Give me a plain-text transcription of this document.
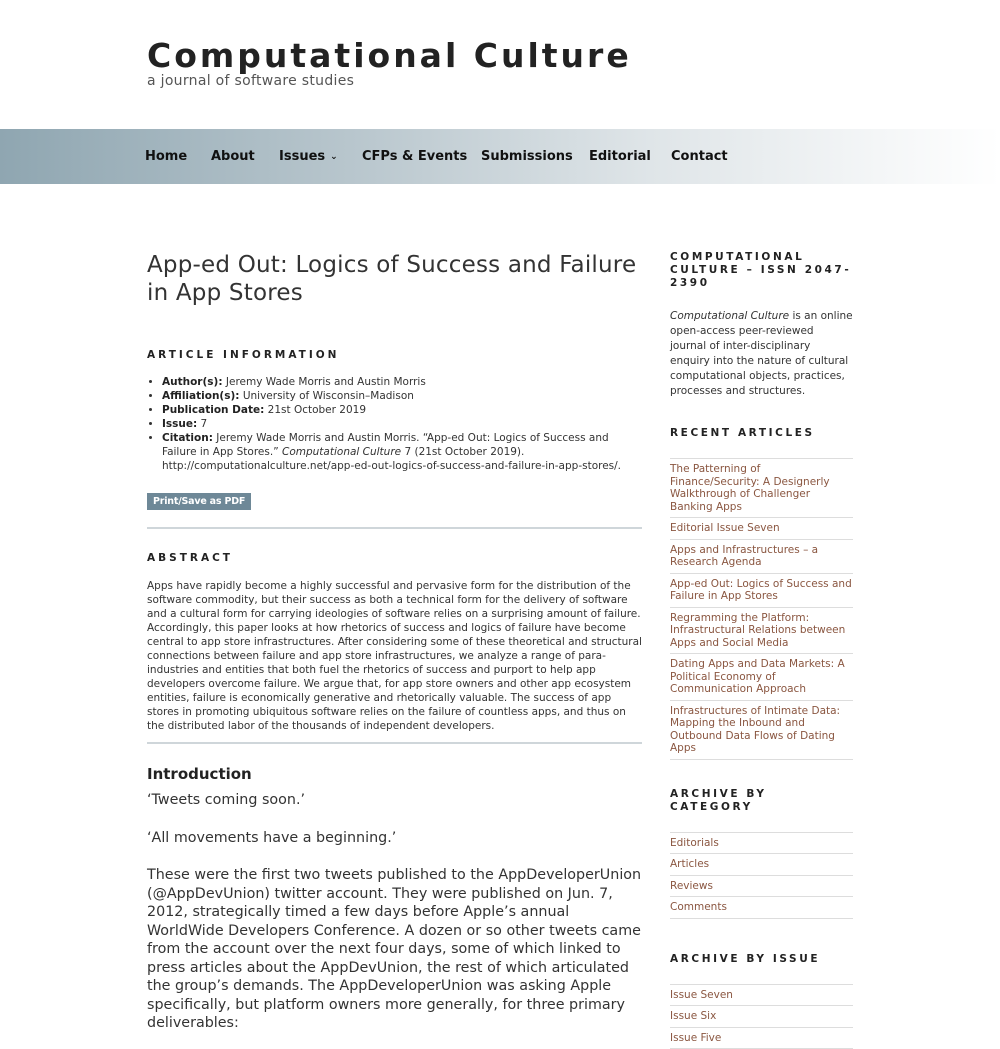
Computational Culture

a journal of software studies

Home About Issues ⌄ CFPs & Events Submissions Editorial Contact
App-ed Out: Logics of Success and Failure in App Stores
ARTICLE INFORMATION
• Author(s): Jeremy Wade Morris and Austin Morris
• Affiliation(s): University of Wisconsin–Madison
• Publication Date: 21st October 2019
• Issue: 7
• Citation: Jeremy Wade Morris and Austin Morris. “App-ed Out: Logics of Success and Failure in App Stores.” Computational Culture 7 (21st October 2019). http://computationalculture.net/app-ed-out-logics-of-success-and-failure-in-app-stores/.
Print/Save as PDF
ABSTRACT

Apps have rapidly become a highly successful and pervasive form for the distribution of the software commodity, but their success as both a technical form for the delivery of software and a cultural form for carrying ideologies of software relies on a surprising amount of failure. Accordingly, this paper looks at how rhetorics of success and logics of failure have become central to app store infrastructures. After considering some of these theoretical and structural connections between failure and app store infrastructures, we analyze a range of para-industries and entities that both fuel the rhetorics of success and purport to help app developers overcome failure. We argue that, for app store owners and other app ecosystem entities, failure is economically generative and rhetorically valuable. The success of app stores in promoting ubiquitous software relies on the failure of countless apps, and thus on the distributed labor of the thousands of independent developers.

Introduction

‘Tweets coming soon.’

‘All movements have a beginning.’

These were the first two tweets published to the AppDeveloperUnion (@AppDevUnion) twitter account. They were published on Jun. 7, 2012, strategically timed a few days before Apple’s annual WorldWide Developers Conference. A dozen or so other tweets came from the account over the next four days, some of which linked to press articles about the AppDevUnion, the rest of which articulated the group’s demands. The AppDeveloperUnion was asking Apple specifically, but platform owners more generally, for three primary deliverables:

COMPUTATIONAL CULTURE – ISSN 2047-2390

Computational Culture is an online open-access peer-reviewed journal of inter-disciplinary enquiry into the nature of cultural computational objects, practices, processes and structures.

RECENT ARTICLES
The Patterning of Finance/Security: A Designerly Walkthrough of Challenger Banking Apps
Editorial Issue Seven
Apps and Infrastructures – a Research Agenda
App-ed Out: Logics of Success and Failure in App Stores
Regramming the Platform: Infrastructural Relations between Apps and Social Media
Dating Apps and Data Markets: A Political Economy of Communication Approach
Infrastructures of Intimate Data: Mapping the Inbound and Outbound Data Flows of Dating Apps
ARCHIVE BY CATEGORY
Editorials
Articles
Reviews
Comments
ARCHIVE BY ISSUE
Issue Seven
Issue Six
Issue Five
